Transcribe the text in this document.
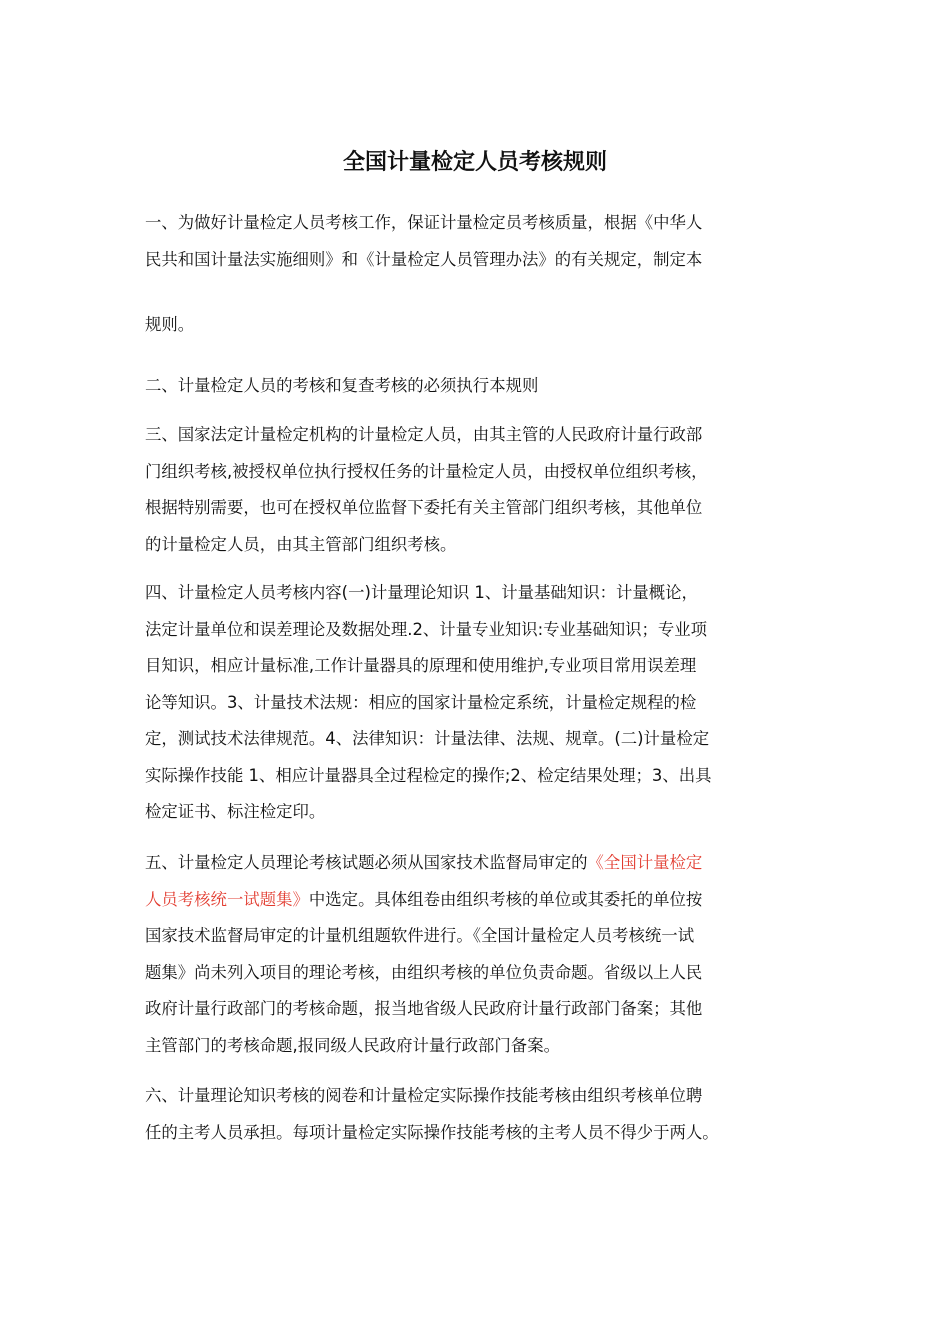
全国计量检定人员考核规则

一、为做好计量检定人员考核工作，保证计量检定员考核质量，根据《中华人
民共和国计量法实施细则》和《计量检定人员管理办法》的有关规定，制定本

规则。

二、计量检定人员的考核和复查考核的必须执行本规则

三、国家法定计量检定机构的计量检定人员，由其主管的人民政府计量行政部
门组织考核,被授权单位执行授权任务的计量检定人员，由授权单位组织考核，
根据特别需要，也可在授权单位监督下委托有关主管部门组织考核，其他单位
的计量检定人员，由其主管部门组织考核。

四、计量检定人员考核内容(一)计量理论知识 1、计量基础知识：计量概论，
法定计量单位和误差理论及数据处理.2、计量专业知识:专业基础知识；专业项
目知识，相应计量标准,工作计量器具的原理和使用维护,专业项目常用误差理
论等知识。3、计量技术法规：相应的国家计量检定系统，计量检定规程的检
定，测试技术法律规范。4、法律知识：计量法律、法规、规章。(二)计量检定
实际操作技能 1、相应计量器具全过程检定的操作;2、检定结果处理；3、出具
检定证书、标注检定印。

五、计量检定人员理论考核试题必须从国家技术监督局审定的《全国计量检定
人员考核统一试题集》中选定。具体组卷由组织考核的单位或其委托的单位按
国家技术监督局审定的计量机组题软件进行。《全国计量检定人员考核统一试
题集》尚未列入项目的理论考核，由组织考核的单位负责命题。省级以上人民
政府计量行政部门的考核命题，报当地省级人民政府计量行政部门备案；其他
主管部门的考核命题,报同级人民政府计量行政部门备案。

六、计量理论知识考核的阅卷和计量检定实际操作技能考核由组织考核单位聘
任的主考人员承担。每项计量检定实际操作技能考核的主考人员不得少于两人。
